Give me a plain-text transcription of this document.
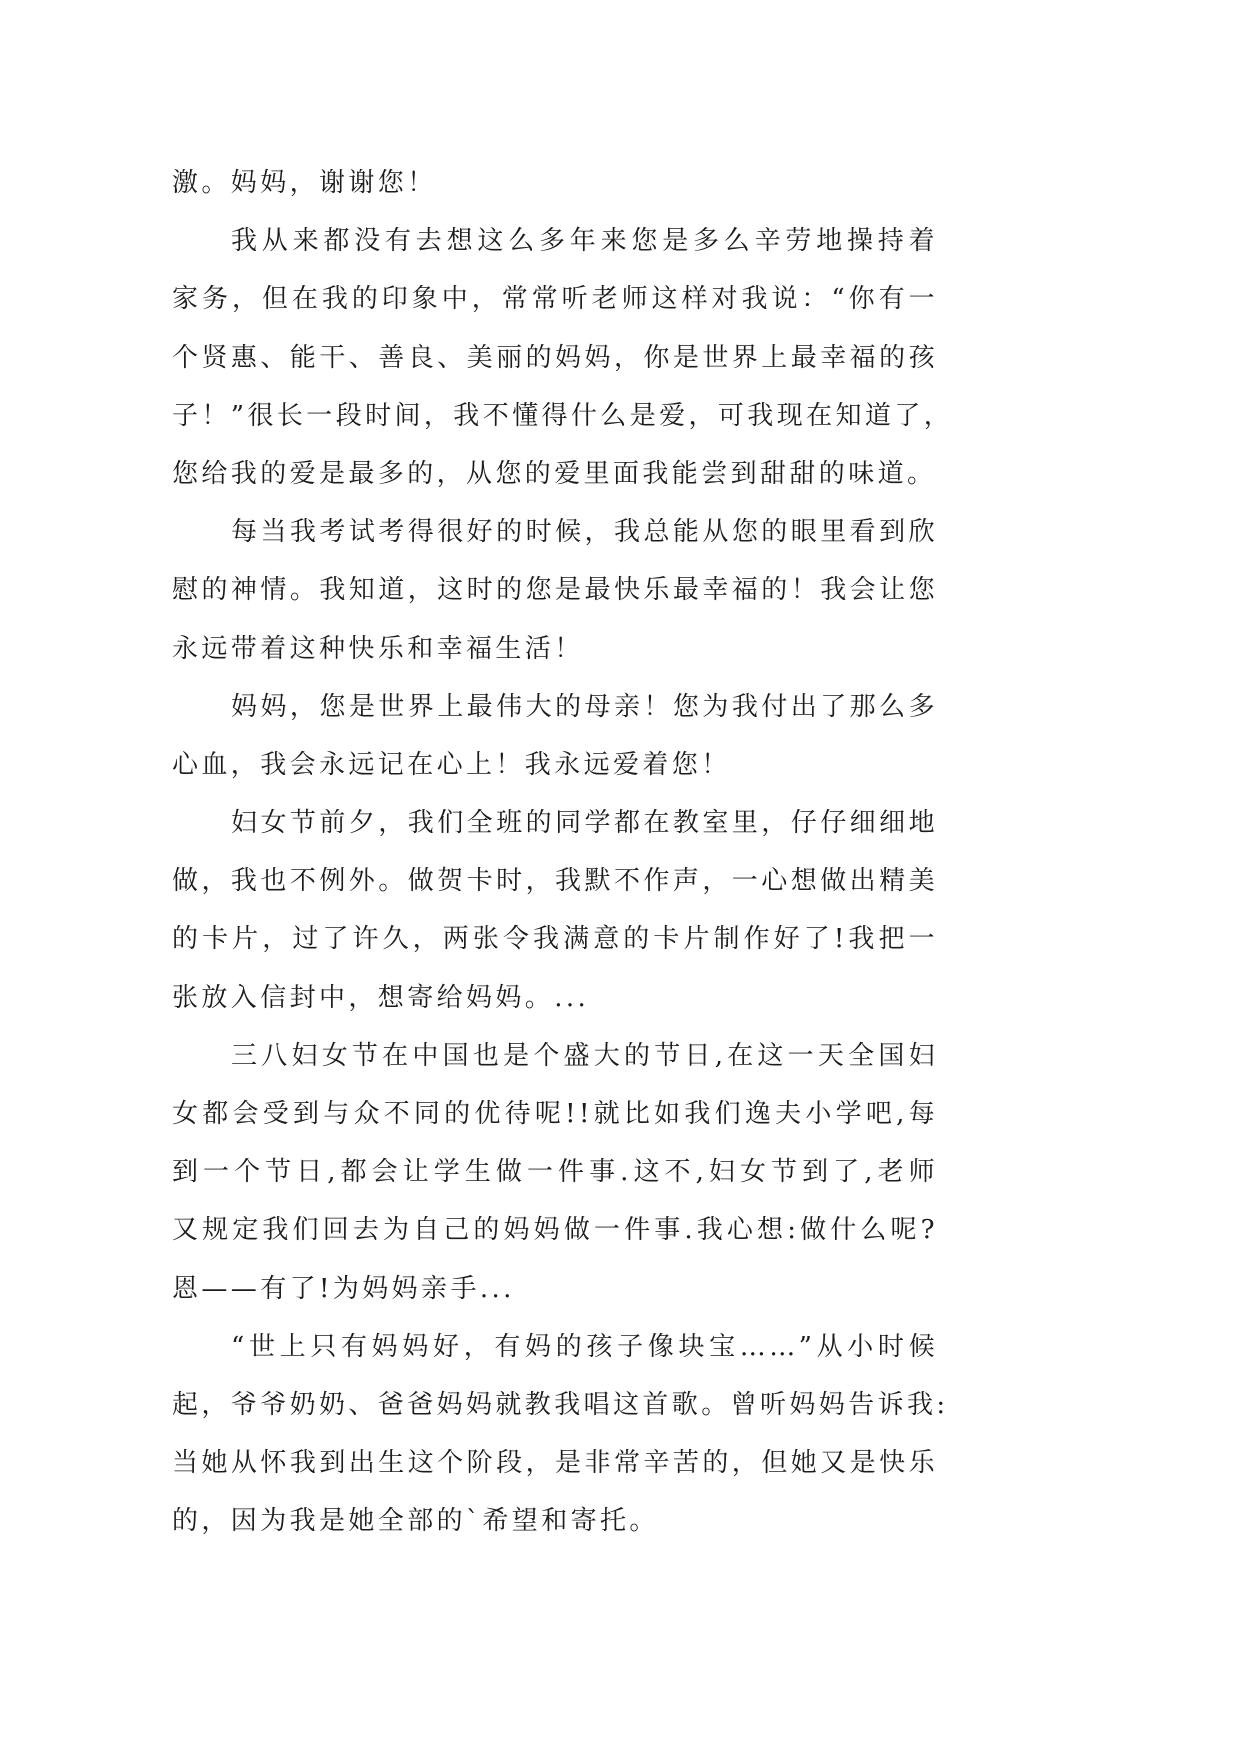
激。妈妈，谢谢您！
我从来都没有去想这么多年来您是多么辛劳地操持着
家务，但在我的印象中，常常听老师这样对我说：“你有一
个贤惠、能干、善良、美丽的妈妈，你是世界上最幸福的孩
子！”很长一段时间，我不懂得什么是爱，可我现在知道了，
您给我的爱是最多的，从您的爱里面我能尝到甜甜的味道。
每当我考试考得很好的时候，我总能从您的眼里看到欣
慰的神情。我知道，这时的您是最快乐最幸福的！我会让您
永远带着这种快乐和幸福生活！
妈妈，您是世界上最伟大的母亲！您为我付出了那么多
心血，我会永远记在心上！我永远爱着您！
妇女节前夕，我们全班的同学都在教室里，仔仔细细地
做，我也不例外。做贺卡时，我默不作声，一心想做出精美
的卡片，过了许久，两张令我满意的卡片制作好了!我把一
张放入信封中，想寄给妈妈。...
三八妇女节在中国也是个盛大的节日,在这一天全国妇
女都会受到与众不同的优待呢!!就比如我们逸夫小学吧,每
到一个节日,都会让学生做一件事.这不,妇女节到了,老师
又规定我们回去为自己的妈妈做一件事.我心想:做什么呢?
恩——有了!为妈妈亲手...
“世上只有妈妈好，有妈的孩子像块宝……”从小时候
起，爷爷奶奶、爸爸妈妈就教我唱这首歌。曾听妈妈告诉我:
当她从怀我到出生这个阶段，是非常辛苦的，但她又是快乐
的，因为我是她全部的`希望和寄托。
